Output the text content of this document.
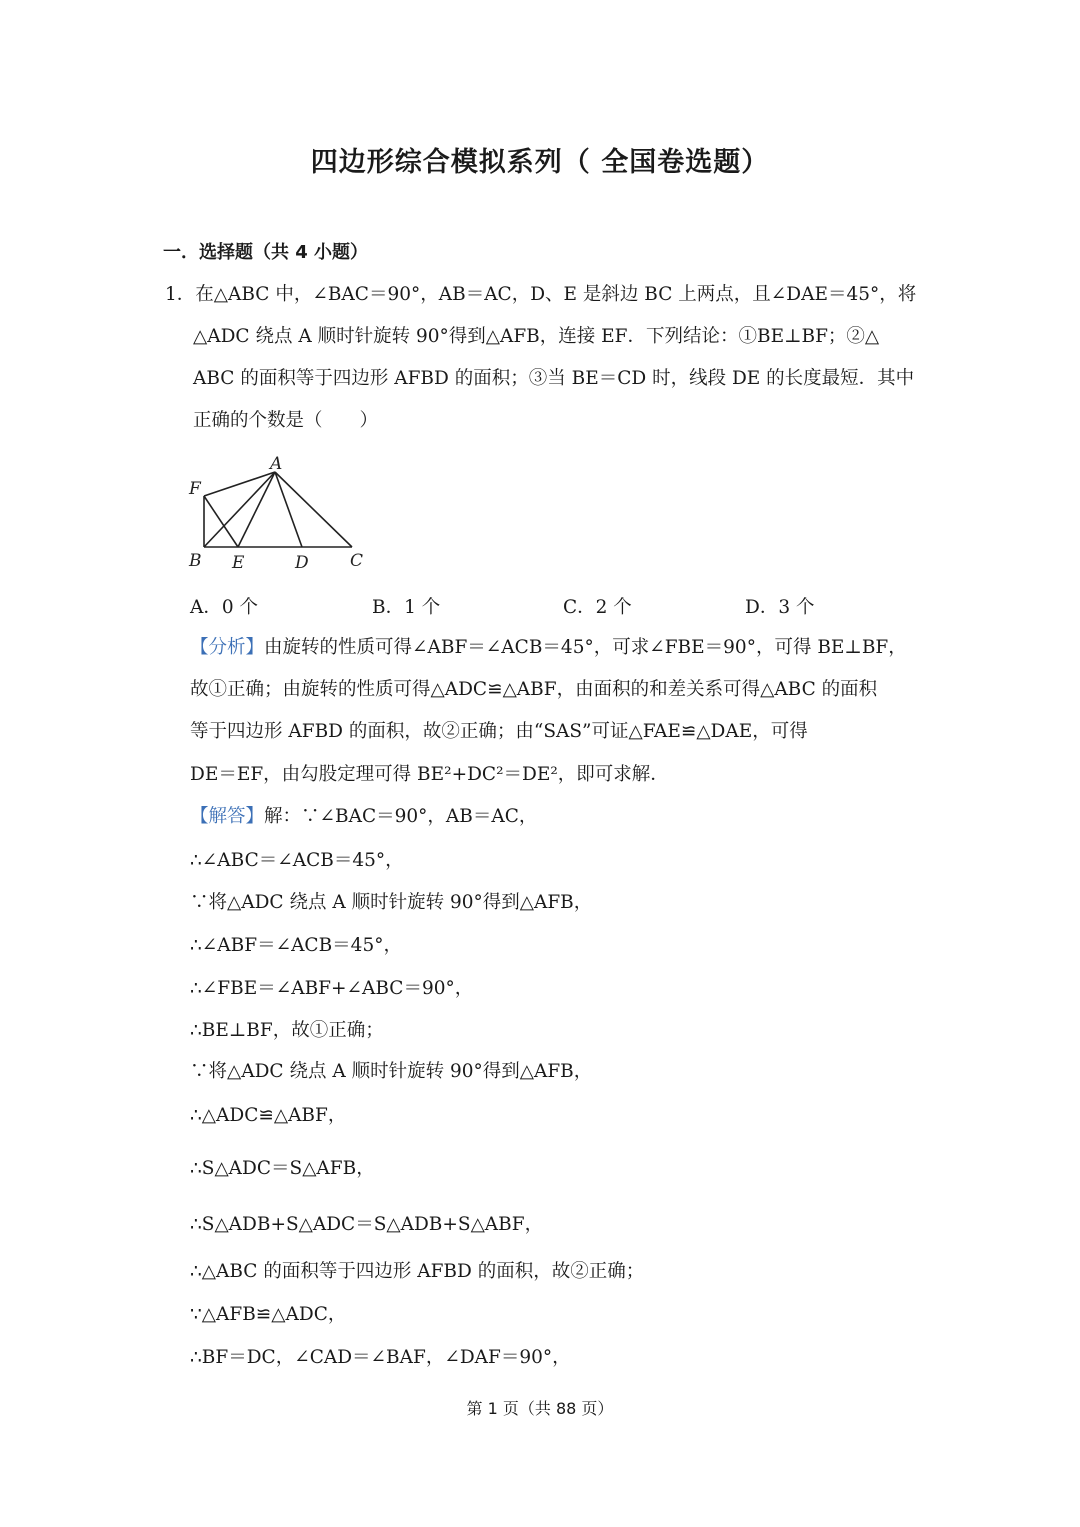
四边形综合模拟系列（ 全国卷选题）
一．选择题（共 4 小题）
1．在△ABC 中，∠BAC＝90°，AB＝AC，D、E 是斜边 BC 上两点，且∠DAE＝45°，将
△ADC 绕点 A 顺时针旋转 90°得到△AFB，连接 EF．下列结论：①BE⊥BF；②△
ABC 的面积等于四边形 AFBD 的面积；③当 BE＝CD 时，线段 DE 的长度最短．其中
正确的个数是（　　）
A
F
B E	D C
A．0 个	B．1 个	C．2 个	D．3 个
【分析】由旋转的性质可得∠ABF＝∠ACB＝45°，可求∠FBE＝90°，可得 BE⊥BF，
故①正确；由旋转的性质可得△ADC≌△ABF，由面积的和差关系可得△ABC 的面积
等于四边形 AFBD 的面积，故②正确；由“SAS”可证△FAE≌△DAE，可得
DE＝EF，由勾股定理可得 BE²+DC²＝DE²，即可求解．
【解答】解：∵∠BAC＝90°，AB＝AC，
∴∠ABC＝∠ACB＝45°，
∵将△ADC 绕点 A 顺时针旋转 90°得到△AFB，
∴∠ABF＝∠ACB＝45°，
∴∠FBE＝∠ABF+∠ABC＝90°，
∴BE⊥BF，故①正确；
∵将△ADC 绕点 A 顺时针旋转 90°得到△AFB，
∴△ADC≌△ABF，
∴S△ADC＝S△AFB，
∴S△ADB+S△ADC＝S△ADB+S△ABF，
∴△ABC 的面积等于四边形 AFBD 的面积，故②正确；
∵△AFB≌△ADC，
∴BF＝DC，∠CAD＝∠BAF，∠DAF＝90°，
第 1 页（共 88 页）
